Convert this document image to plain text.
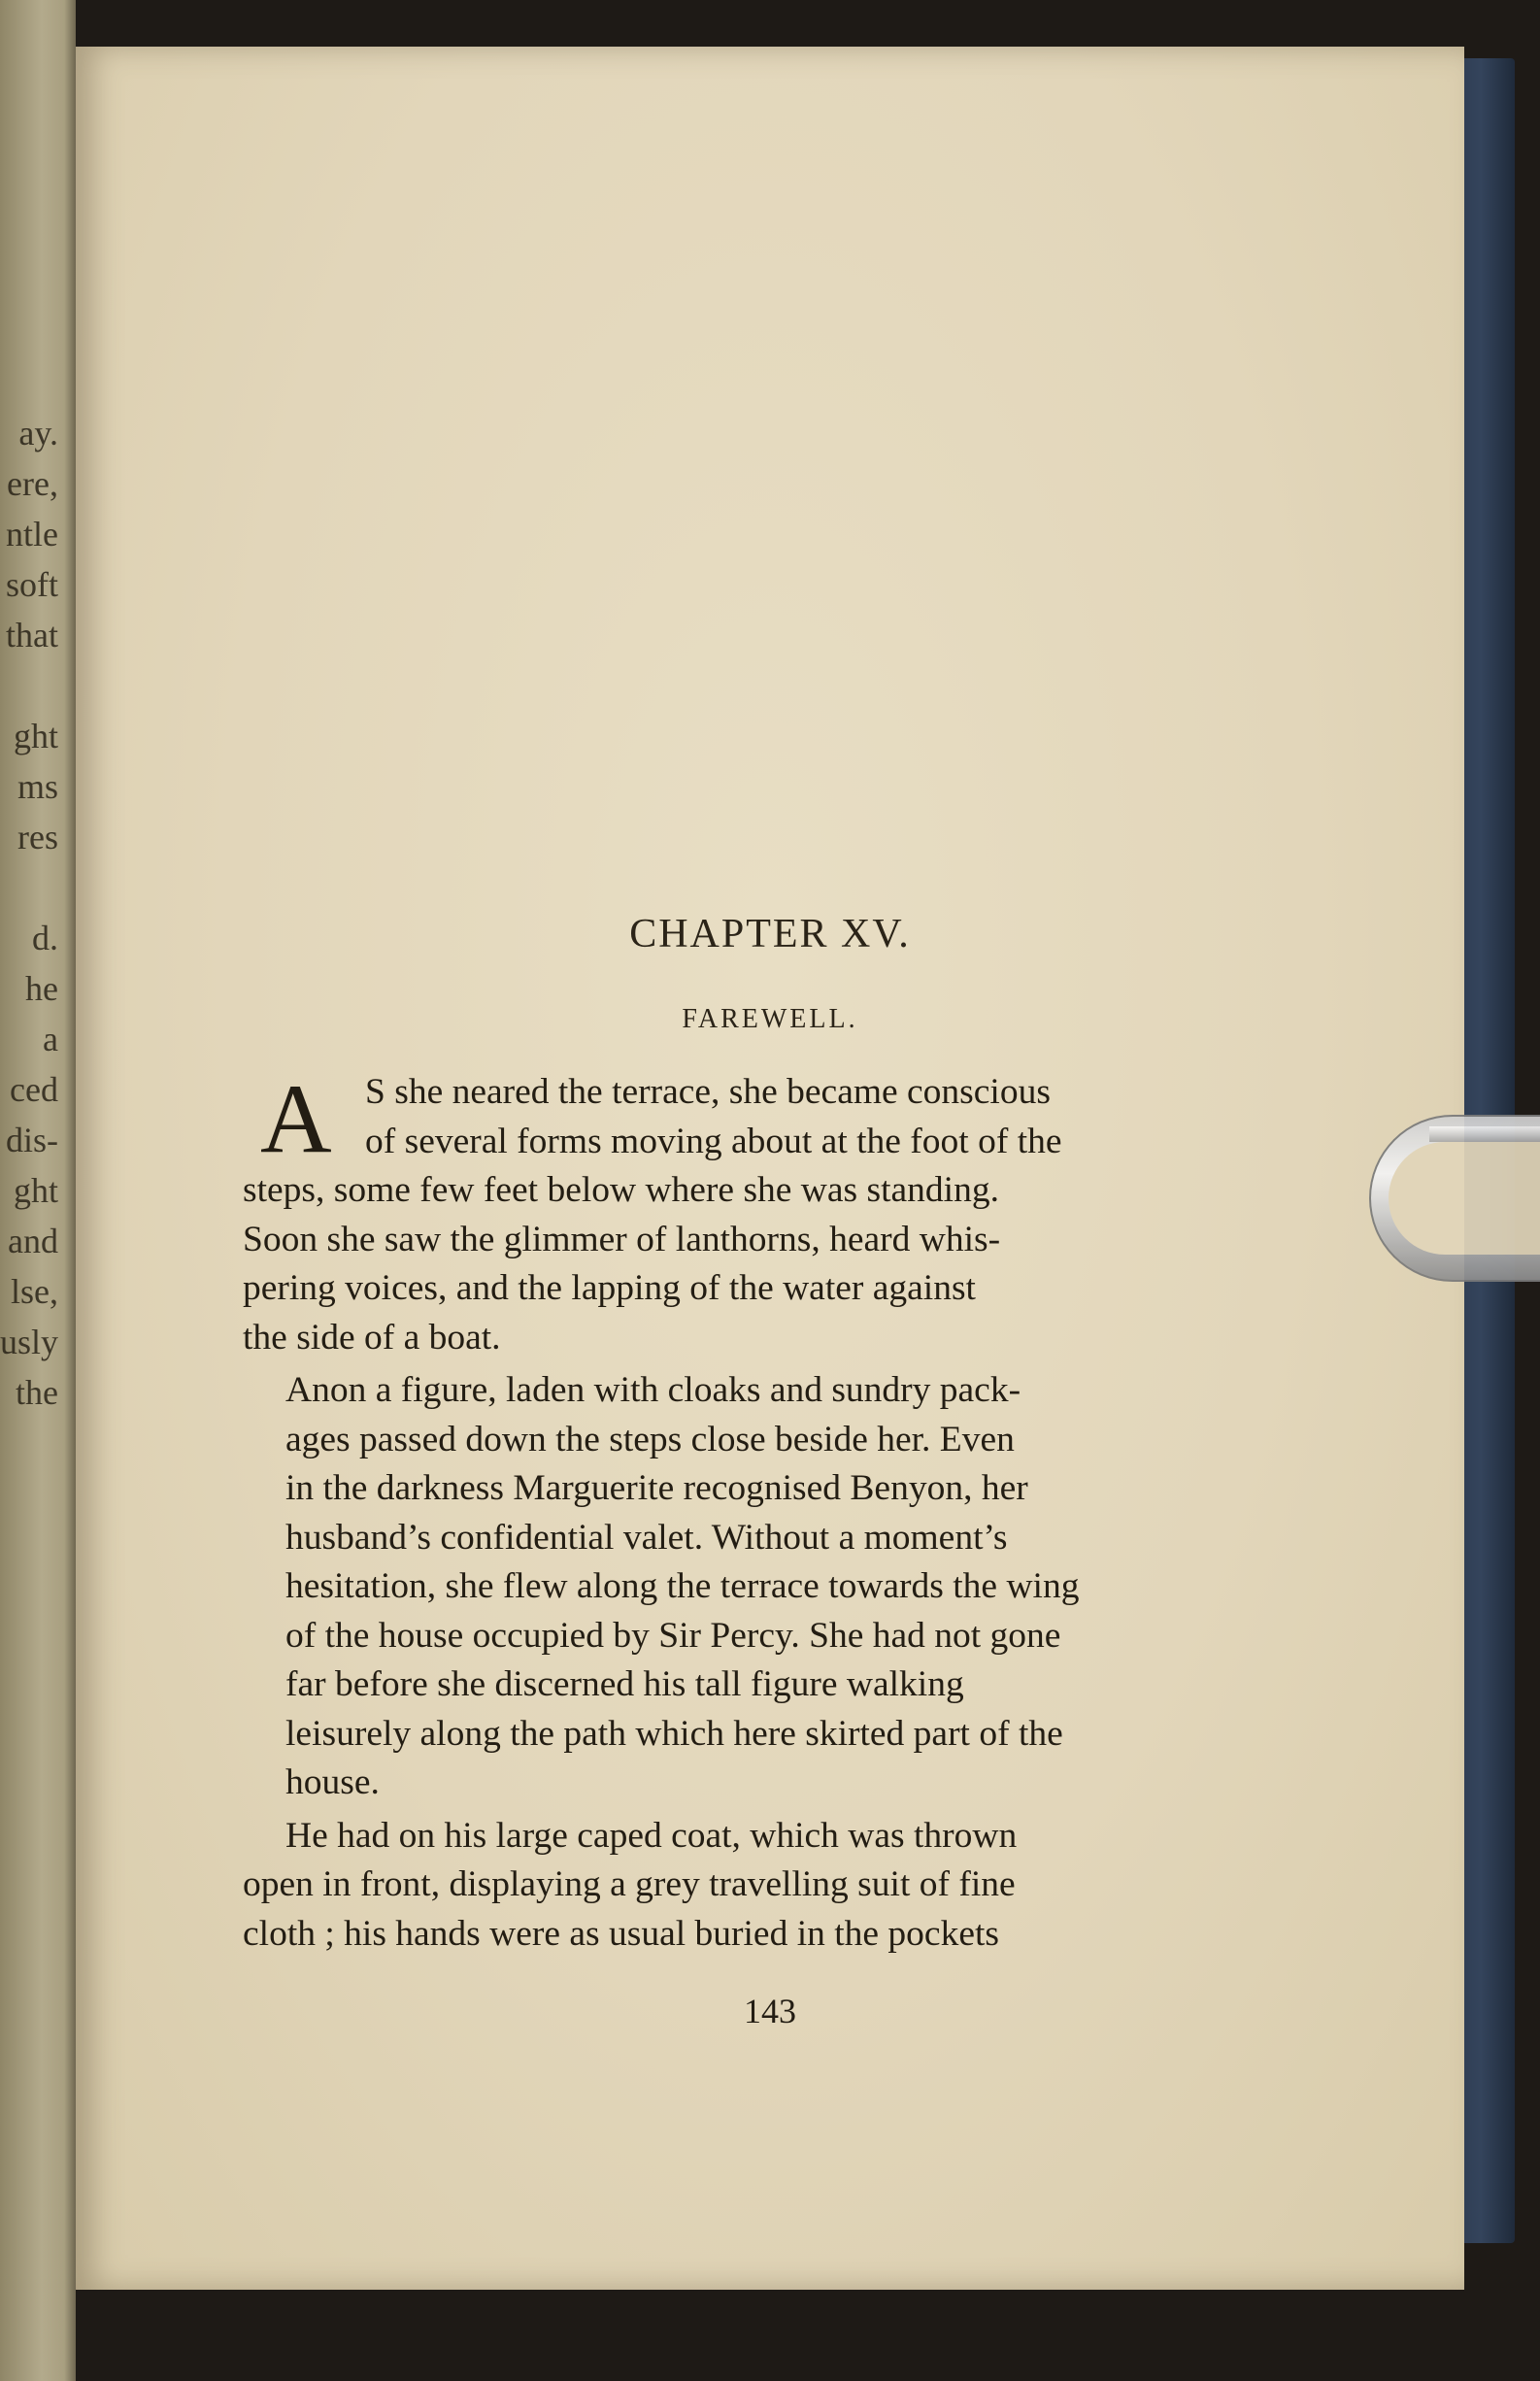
ay.
ere,
ntle
soft
that
ght
ms
res
d.
he
a
ced
dis-
ght
and
lse,
usly
the
CHAPTER XV.
FAREWELL.
A S she neared the terrace, she became conscious
of several forms moving about at the foot of the
steps, some few feet below where she was standing.
Soon she saw the glimmer of lanthorns, heard whis-
pering voices, and the lapping of the water against
the side of a boat.
Anon a figure, laden with cloaks and sundry pack-
ages passed down the steps close beside her. Even
in the darkness Marguerite recognised Benyon, her
husband’s confidential valet. Without a moment’s
hesitation, she flew along the terrace towards the wing
of the house occupied by Sir Percy. She had not gone
far before she discerned his tall figure walking
leisurely along the path which here skirted part of the
house.
He had on his large caped coat, which was thrown
open in front, displaying a grey travelling suit of fine
cloth ; his hands were as usual buried in the pockets
143
